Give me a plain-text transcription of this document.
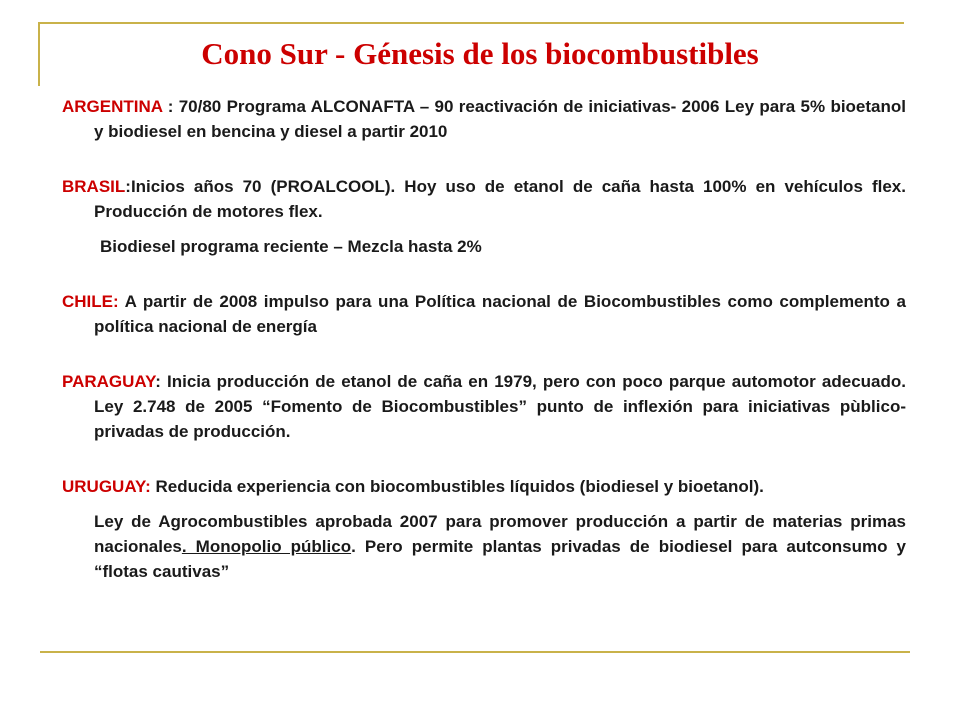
Cono Sur - Génesis de los biocombustibles

ARGENTINA : 70/80 Programa ALCONAFTA – 90 reactivación de iniciativas- 2006 Ley para 5% bioetanol y biodiesel en bencina y diesel a partir 2010

BRASIL:Inicios años 70 (PROALCOOL). Hoy uso de etanol de caña hasta 100% en vehículos flex. Producción de motores flex.

Biodiesel programa reciente – Mezcla hasta 2%

CHILE: A partir de 2008 impulso para una Política nacional de Biocombustibles como complemento a política nacional de energía

PARAGUAY: Inicia producción de etanol de caña en 1979, pero con poco parque automotor adecuado. Ley 2.748 de 2005 “Fomento de Biocombustibles” punto de inflexión para iniciativas pùblico-privadas de producción.

URUGUAY: Reducida experiencia con biocombustibles líquidos (biodiesel y bioetanol).

Ley de Agrocombustibles aprobada 2007 para promover producción a partir de materias primas nacionales. Monopolio público. Pero permite plantas privadas de biodiesel para autconsumo y “flotas cautivas”
